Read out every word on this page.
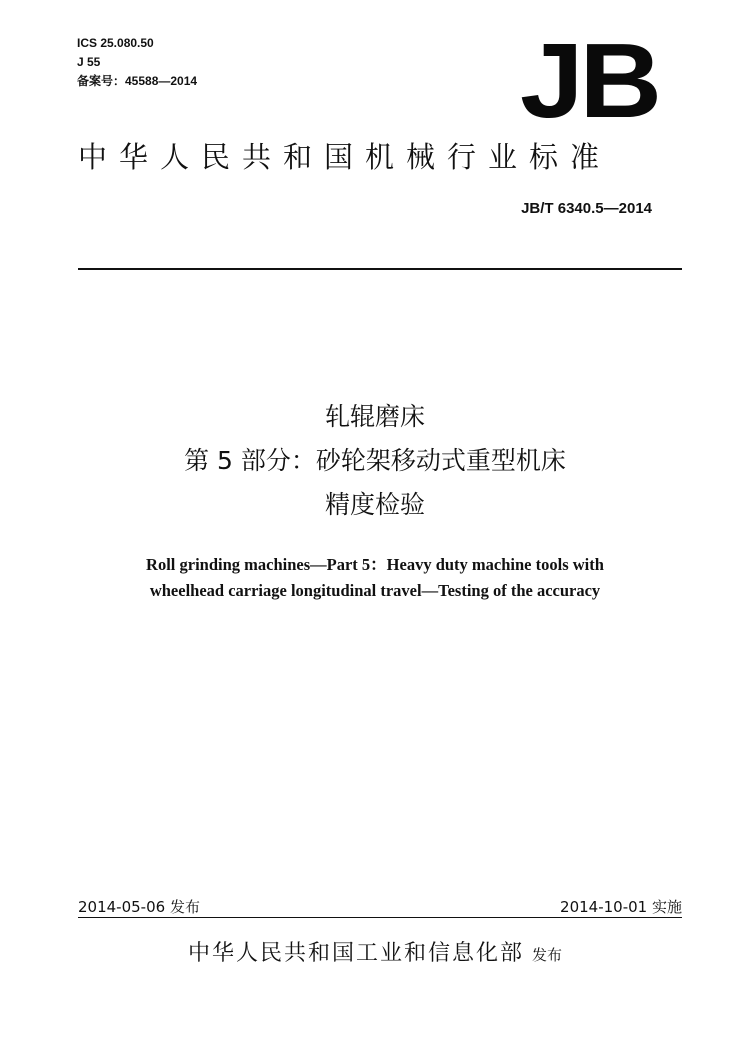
ICS 25.080.50
J 55
备案号：45588—2014	JB
中华人民共和国机械行业标准
JB/T 6340.5—2014
轧辊磨床
第 5 部分：砂轮架移动式重型机床
精度检验
Roll grinding machines—Part 5：Heavy duty machine tools with
wheelhead carriage longitudinal travel—Testing of the accuracy
2014-05-06 发布	2014-10-01 实施
中华人民共和国工业和信息化部 发布
